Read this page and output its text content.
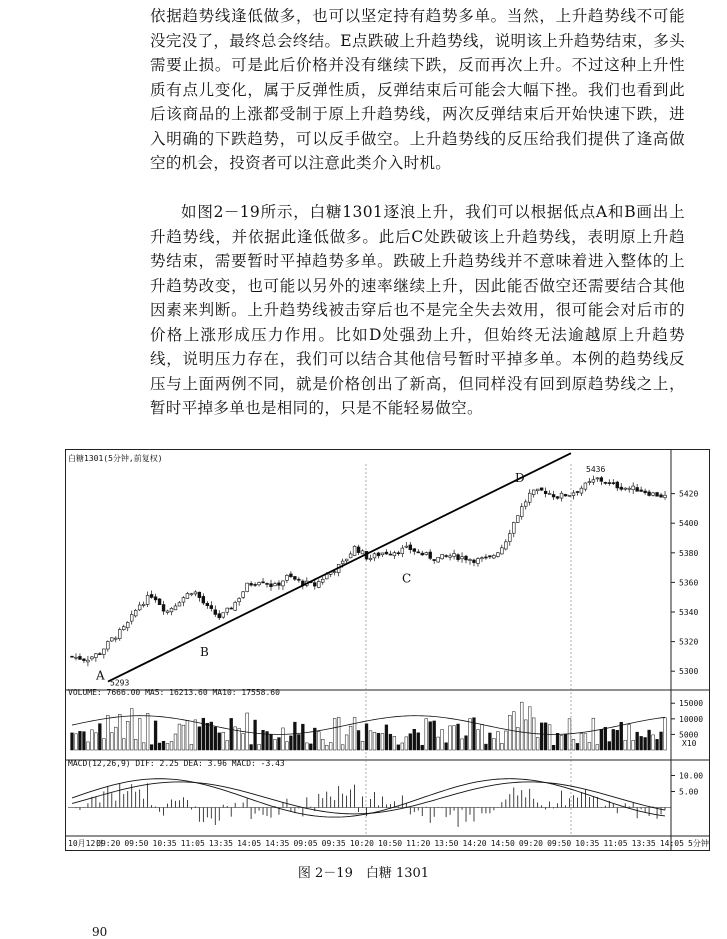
依据趋势线逢低做多，也可以坚定持有趋势多单。当然，上升趋势线不可能没完没了，最终总会终结。E点跌破上升趋势线，说明该上升趋势结束，多头需要止损。可是此后价格并没有继续下跌，反而再次上升。不过这种上升性质有点儿变化，属于反弹性质，反弹结束后可能会大幅下挫。我们也看到此后该商品的上涨都受制于原上升趋势线，两次反弹结束后开始快速下跌，进入明确的下跌趋势，可以反手做空。上升趋势线的反压给我们提供了逢高做空的机会，投资者可以注意此类介入时机。

如图2－19所示，白糖1301逐浪上升，我们可以根据低点A和B画出上升趋势线，并依据此逢低做多。此后C处跌破该上升趋势线，表明原上升趋势结束，需要暂时平掉趋势多单。跌破上升趋势线并不意味着进入整体的上升趋势改变，也可能以另外的速率继续上升，因此能否做空还需要结合其他因素来判断。上升趋势线被击穿后也不是完全失去效用，很可能会对后市的价格上涨形成压力作用。比如D处强劲上升，但始终无法逾越原上升趋势线，说明压力存在，我们可以结合其他信号暂时平掉多单。本例的趋势线反压与上面两例不同，就是价格创出了新高，但同样没有回到原趋势线之上，暂时平掉多单也是相同的，只是不能轻易做空。

A
5293
B
C
D
5436
白糖1301(5分钟,前复权)
VOLUME: 7666.00 MA5: 16213.60 MA10: 17558.60
MACD(12,26,9) DIF: 2.25 DEA: 3.96 MACD: -3.43
X10
5300
5320
5340
5360
5380
5400
5420
5000
10000
15000
5.00
10.00
10月12日
09:20 09:50 10:35 11:05 13:35 14:05 14:35 09:05 09:35 10:20 10:50 11:20 13:50 14:20 14:50 09:20 09:50 10:35 11:05 13:35 14:05 5分钟
图 2－19　白糖 1301
90
